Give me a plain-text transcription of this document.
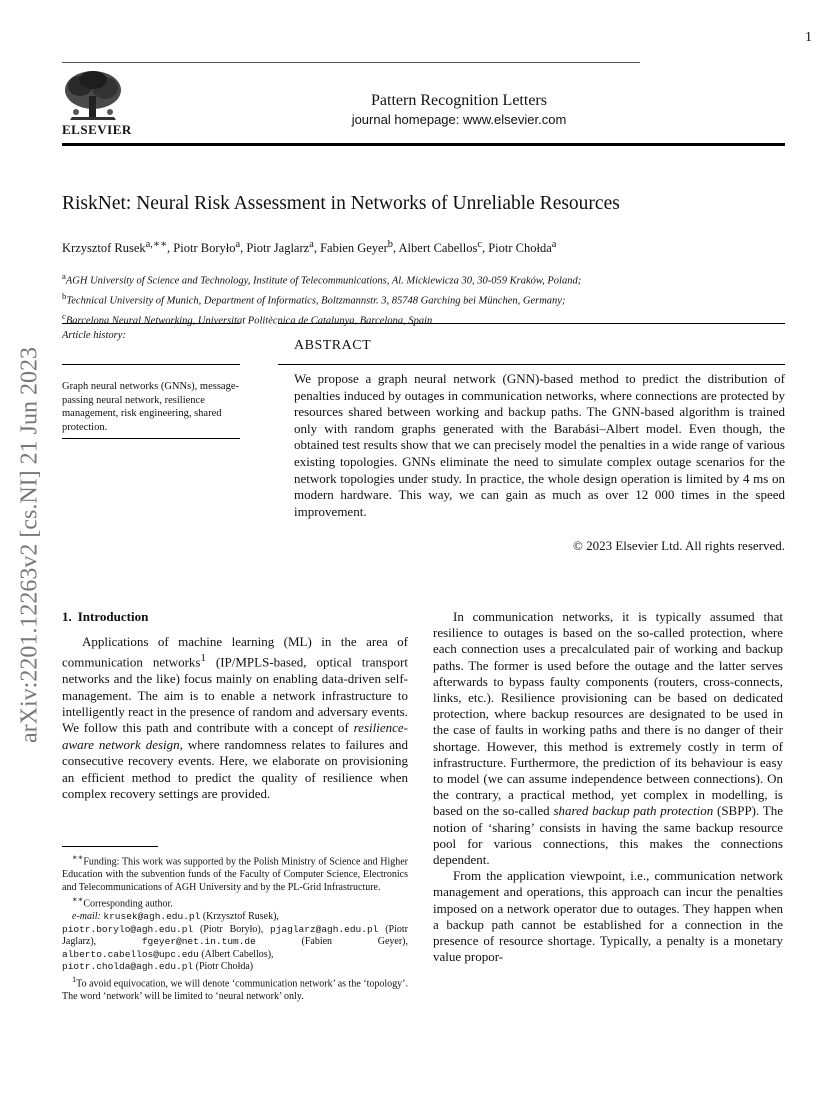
1
ELSEVIER
Pattern Recognition Letters
journal homepage: www.elsevier.com
arXiv:2201.12263v2 [cs.NI] 21 Jun 2023
RiskNet: Neural Risk Assessment in Networks of Unreliable Resources
Krzysztof Rusek$^{a,∗∗}$, Piotr Boryło$^a$, Piotr Jaglarz$^a$, Fabien Geyer$^b$, Albert Cabellos$^c$, Piotr Chołda$^a$
$^a$AGH University of Science and Technology, Institute of Telecommunications, Al. Mickiewicza 30, 30-059 Kraków, Poland;
$^b$Technical University of Munich, Department of Informatics, Boltzmannstr. 3, 85748 Garching bei München, Germany;
$^c$Barcelona Neural Networking, Universitat Politècnica de Catalunya, Barcelona, Spain
Article history:
Graph neural networks (GNNs), message-passing neural network, resilience management, risk engineering, shared protection.
ABSTRACT
We propose a graph neural network (GNN)-based method to predict the distribution of penalties induced by outages in communication networks, where connections are protected by resources shared between working and backup paths. The GNN-based algorithm is trained only with random graphs generated with the Barabási–Albert model. Even though, the obtained test results show that we can precisely model the penalties in a wide range of various existing topologies. GNNs eliminate the need to simulate complex outage scenarios for the network topologies under study. In practice, the whole design operation is limited by 4 ms on modern hardware. This way, we can gain as much as over 12 000 times in the speed improvement.
© 2023 Elsevier Ltd. All rights reserved.
1. Introduction

Applications of machine learning (ML) in the area of communication networks$^1$ (IP/MPLS-based, optical transport networks and the like) focus mainly on enabling data-driven self-management. The aim is to enable a network infrastructure to intelligently react in the presence of random and adversary events. We follow this path and contribute with a concept of resilience-aware network design, where randomness relates to failures and consecutive recovery events. Here, we elaborate on provisioning an efficient method to predict the quality of resilience when complex recovery settings are provided.

In communication networks, it is typically assumed that resilience to outages is based on the so-called protection, where each connection uses a precalculated pair of working and backup paths. The former is used before the outage and the latter serves afterwards to bypass faulty components (routers, cross-connects, links, etc.). Resilience provisioning can be based on dedicated protection, where backup resources are designated to be used in the case of faults in working paths and there is no danger of their shortage. However, this method is extremely costly in term of infrastructure. Furthermore, the prediction of its behaviour is easy to model (we can assume independence between connections). On the contrary, a practical method, yet complex in modelling, is based on the so-called shared backup path protection (SBPP). The notion of ‘sharing’ consists in having the same backup resource pool for various connections, this makes the connections dependent.

From the application viewpoint, i.e., communication network management and operations, this approach can incur the penalties imposed on a network operator due to outages. They happen when a backup path cannot be established for a connection in the presence of resource shortage. Typically, a penalty is a monetary value propor-

∗∗Funding: This work was supported by the Polish Ministry of Science and Higher Education with the subvention funds of the Faculty of Computer Science, Electronics and Telecommunications of AGH University and by the PL-Grid Infrastructure.
∗∗Corresponding author.
e-mail: krusek@agh.edu.pl (Krzysztof Rusek),
piotr.borylo@agh.edu.pl (Piotr Boryło), pjaglarz@agh.edu.pl (Piotr Jaglarz), fgeyer@net.in.tum.de (Fabien Geyer), alberto.cabellos@upc.edu (Albert Cabellos),
piotr.cholda@agh.edu.pl (Piotr Chołda)
$^1$To avoid equivocation, we will denote ‘communication network’ as the ‘topology’. The word ‘network’ will be limited to ‘neural network’ only.
